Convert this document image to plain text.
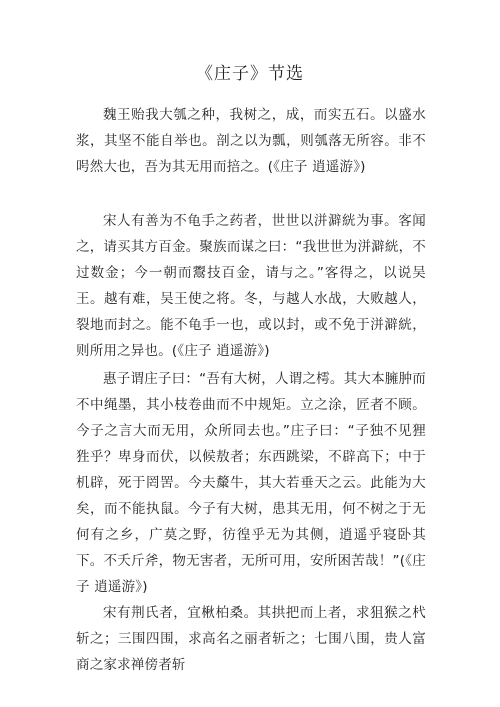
《庄子》节选

魏王贻我大瓠之种，我树之，成，而实五石。以盛水浆，其坚不能自举也。剖之以为瓢，则瓠落无所容。非不呺然大也，吾为其无用而掊之。(《庄子 逍遥游》)

宋人有善为不龟手之药者，世世以洴澼絖为事。客闻之，请买其方百金。聚族而谋之曰：“我世世为洴澼絖，不过数金；今一朝而鬻技百金，请与之。”客得之，以说吴王。越有难，吴王使之将。冬，与越人水战，大败越人，裂地而封之。能不龟手一也，或以封，或不免于洴澼絖，则所用之异也。(《庄子 逍遥游》)

惠子谓庄子曰：“吾有大树，人谓之樗。其大本臃肿而不中绳墨，其小枝卷曲而不中规矩。立之涂，匠者不顾。今子之言大而无用，众所同去也。”庄子曰：“子独不见狸狌乎？卑身而伏，以候敖者；东西跳梁，不辟高下；中于机辟，死于罔罟。今夫斄牛，其大若垂天之云。此能为大矣，而不能执鼠。今子有大树，患其无用，何不树之于无何有之乡，广莫之野，彷徨乎无为其侧，逍遥乎寝卧其下。不夭斤斧，物无害者，无所可用，安所困苦哉！”(《庄子 逍遥游》)

宋有荆氏者，宜楸柏桑。其拱把而上者，求狙猴之杙斩之；三围四围，求高名之丽者斩之；七围八围，贵人富商之家求禅傍者斩
